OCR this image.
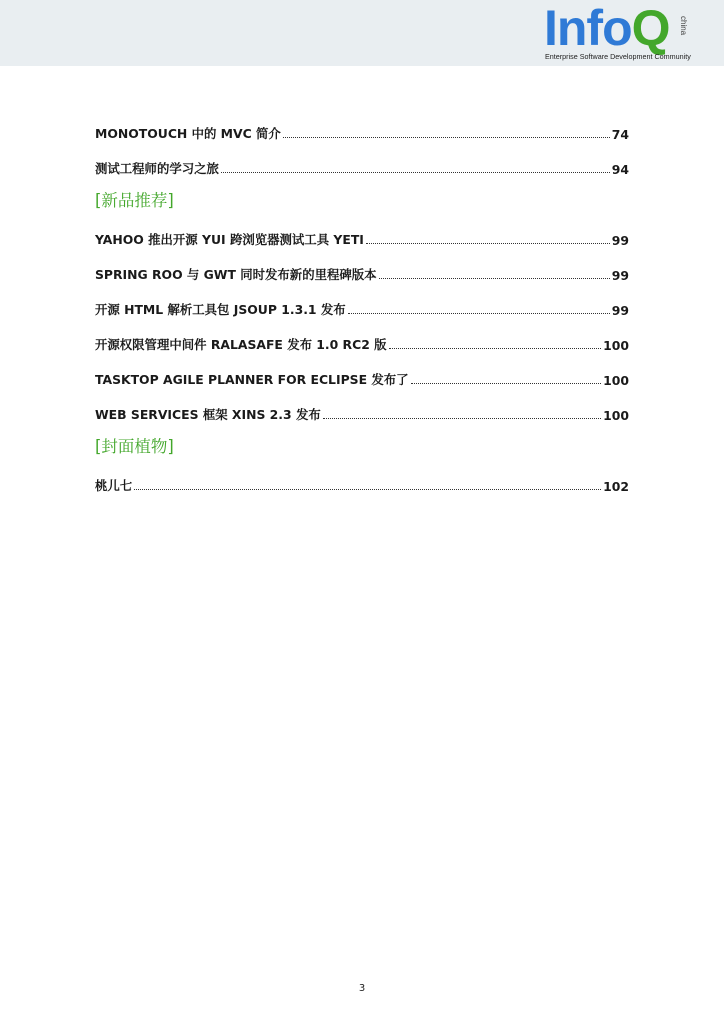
InfoQ china
Enterprise Software Development Community
MONOTOUCH 中的 MVC 简介	74
测试工程师的学习之旅	94
[新品推荐]
YAHOO 推出开源 YUI 跨浏览器测试工具 YETI	99
SPRING ROO 与 GWT 同时发布新的里程碑版本	99
开源 HTML 解析工具包 JSOUP 1.3.1 发布	99
开源权限管理中间件 RALASAFE 发布 1.0 RC2 版	100
TASKTOP AGILE PLANNER FOR ECLIPSE 发布了	100
WEB SERVICES 框架 XINS 2.3 发布	100
[封面植物]
桃儿七	102
3
